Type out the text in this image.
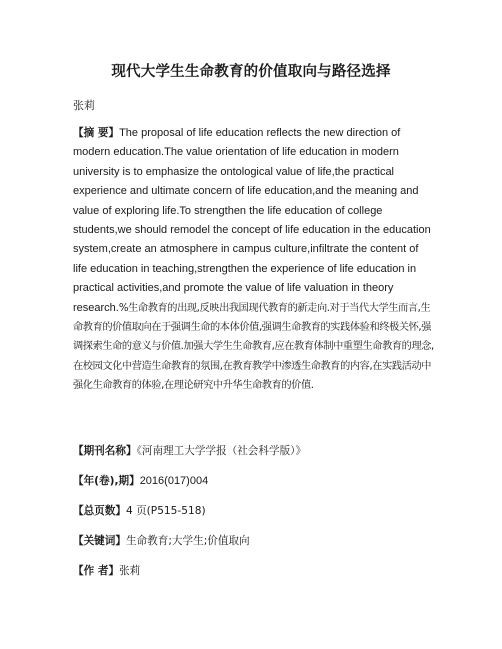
现代大学生生命教育的价值取向与路径选择
张莉
【摘 要】The proposal of life education reflects the new direction of modern education.The value orientation of life education in modern university is to emphasize the ontological value of life,the practical experience and ultimate concern of life education,and the meaning and value of exploring life.To strengthen the life education of college students,we should remodel the concept of life education in the education system,create an atmosphere in campus culture,infiltrate the content of life education in teaching,strengthen the experience of life education in practical activities,and promote the value of life valuation in theory research.%生命教育的出现,反映出我国现代教育的新走向.对于当代大学生而言,生命教育的价值取向在于强调生命的本体价值,强调生命教育的实践体验和终极关怀,强调探索生命的意义与价值.加强大学生生命教育,应在教育体制中重塑生命教育的理念,在校园文化中营造生命教育的氛围,在教育教学中渗透生命教育的内容,在实践活动中强化生命教育的体验,在理论研究中升华生命教育的价值.
【期刊名称】《河南理工大学学报（社会科学版）》
【年(卷),期】2016(017)004
【总页数】4 页(P515-518)
【关键词】生命教育;大学生;价值取向
【作 者】张莉
